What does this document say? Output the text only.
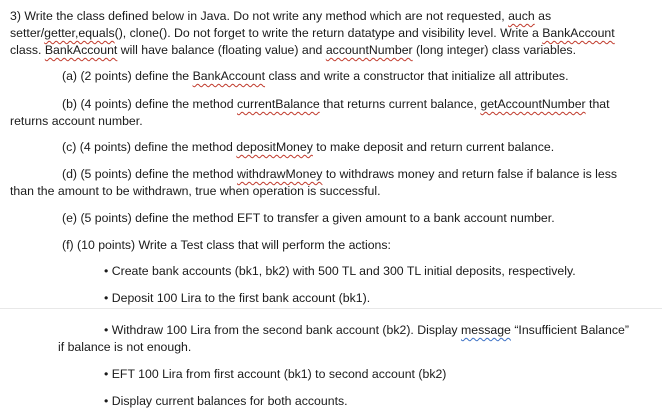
3) Write the class defined below in Java. Do not write any method which are not requested, auch as
setter/getter,equals(), clone(). Do not forget to write the return datatype and visibility level. Write a BankAccount
class. BankAccount will have balance (floating value) and accountNumber (long integer) class variables.
(a) (2 points) define the BankAccount class and write a constructor that initialize all attributes.
(b) (4 points) define the method currentBalance that returns current balance, getAccountNumber that
returns account number.
(c) (4 points) define the method depositMoney to make deposit and return current balance.
(d) (5 points) define the method withdrawMoney to withdraws money and return false if balance is less
than the amount to be withdrawn, true when operation is successful.
(e) (5 points) define the method EFT to transfer a given amount to a bank account number.
(f) (10 points) Write a Test class that will perform the actions:
• Create bank accounts (bk1, bk2) with 500 TL and 300 TL initial deposits, respectively.
• Deposit 100 Lira to the first bank account (bk1).
• Withdraw 100 Lira from the second bank account (bk2). Display message “Insufficient Balance”
if balance is not enough.
• EFT 100 Lira from first account (bk1) to second account (bk2)
• Display current balances for both accounts.
